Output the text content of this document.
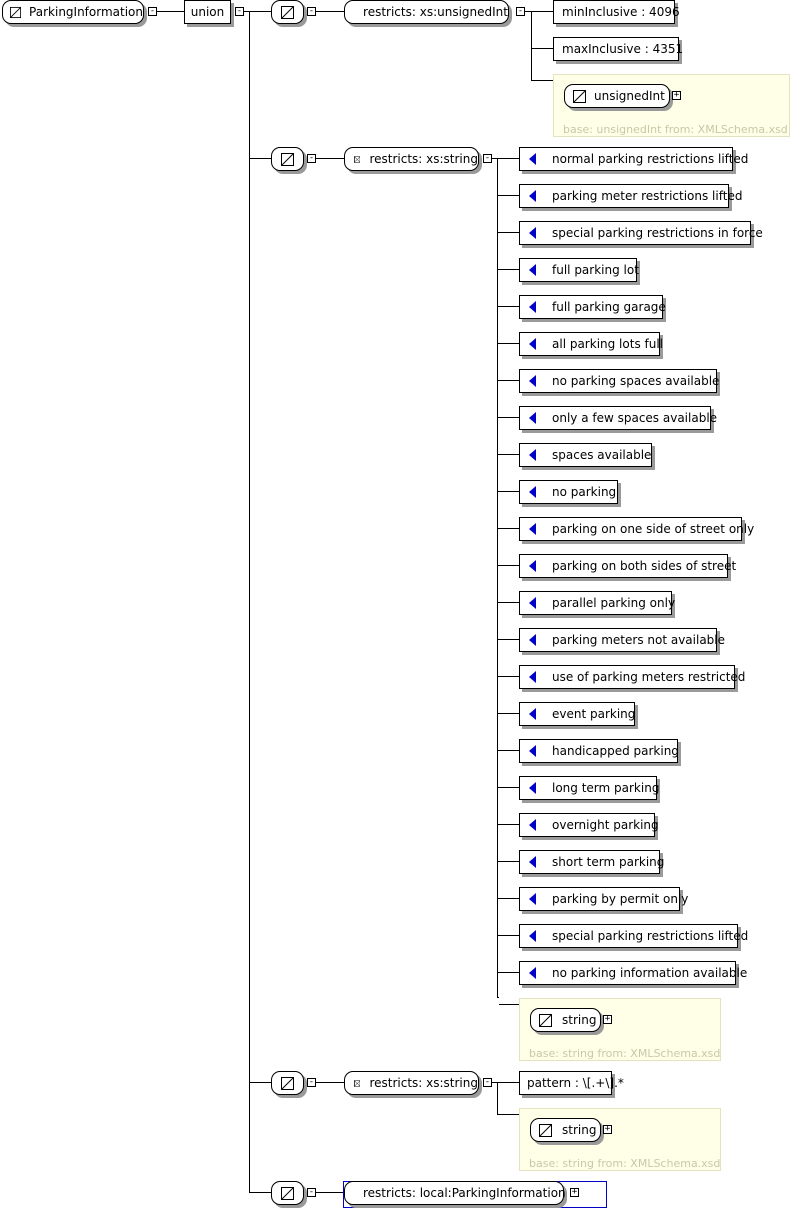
ParkingInformation -	union -	-	restricts: xs:unsignedInt -	minInclusive : 4096
maxInclusive : 4351
unsignedInt +
base: unsignedInt from: XMLSchema.xsd
-	restricts: xs:string -	normal parking restrictions lifted
parking meter restrictions lifted
special parking restrictions in force
full parking lot
full parking garage
all parking lots full
no parking spaces available
only a few spaces available
spaces available
no parking
parking on one side of street only
parking on both sides of street
parallel parking only
parking meters not available
use of parking meters restricted
event parking
handicapped parking
long term parking
overnight parking
short term parking
parking by permit only
special parking restrictions lifted
no parking information available
string +
base: string from: XMLSchema.xsd
-	restricts: xs:string -	pattern : \[.+\].*
string +
base: string from: XMLSchema.xsd
-	restricts: local:ParkingInformation +
